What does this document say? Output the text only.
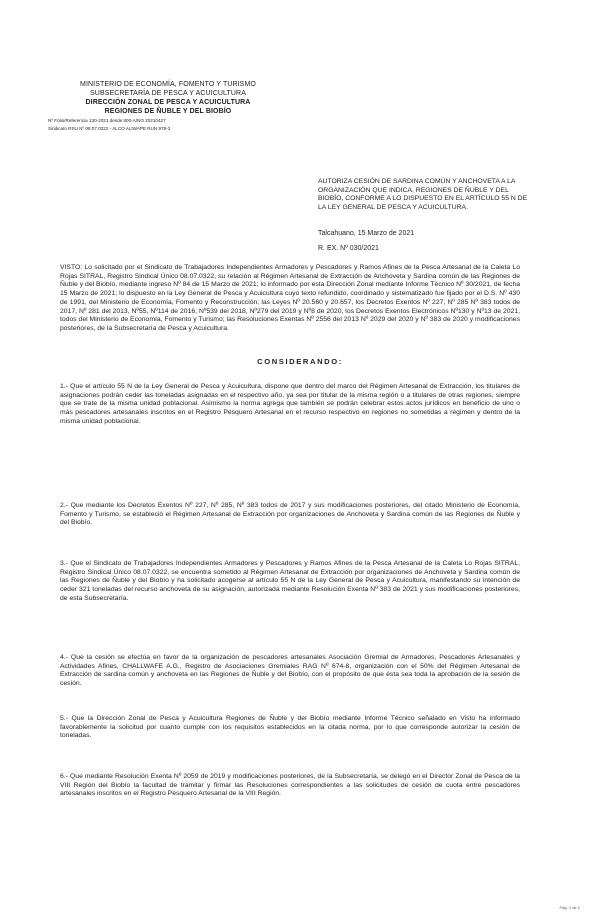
MINISTERIO DE ECONOMÍA, FOMENTO Y TURISMO
SUBSECRETARÍA DE PESCA Y ACUICULTURA
DIRECCIÓN ZONAL DE PESCA Y ACUICULTURA
REGIONES DE ÑUBLE Y DEL BIOBÍO
Nº Folio/Referencia 130-2021 desde 800-A/NO 20210427
Sindicato RSU Nº 08.07.0322 - ALCO ALIWAPE RUN 978-3
AUTORIZA CESIÓN DE SARDINA COMÚN Y ANCHOVETA A LA ORGANIZACIÓN QUE INDICA, REGIONES DE ÑUBLE Y DEL BIOBÍO, CONFORME A LO DISPUESTO EN EL ARTÍCULO 55 N DE LA LEY GENERAL DE PESCA Y ACUICULTURA.
Talcahuano, 15 Marzo de 2021
R. EX. Nº 030/2021
VISTO: Lo solicitado por el Sindicato de Trabajadores Independientes Armadores y Pescadores y Ramos Afines de la Pesca Artesanal de la Caleta Lo Rojas SITRAL, Registro Sindical Único 08.07.0322, su relación al Régimen Artesanal de Extracción de Anchoveta y Sardina común de las Regiones de Ñuble y del Biobío, mediante ingreso Nº 84 de 15 Marzo de 2021; lo informado por esta Dirección Zonal mediante Informe Técnico Nº 30/2021, de fecha 15 Marzo de 2021; lo dispuesto en la Ley General de Pesca y Acuicultura cuyo texto refundido, coordinado y sistematizado fue fijado por el D.S. Nº 430 de 1991, del Ministerio de Economía, Fomento y Reconstrucción; las Leyes Nº 20.560 y 20.657, los Decretos Exentos Nº 227, Nº 285 Nº 383 todos de 2017, Nº 281 del 2013, Nº55, Nº114 de 2016, Nº539 del 2018, Nº279 del 2019 y Nº8 de 2020, los Decretos Exentos Electrónicos Nº130 y Nº13 de 2021, todos del Ministerio de Economía, Fomento y Turismo; las Resoluciones Exentas Nº 2556 del 2013 Nº 2029 del 2020 y Nº 383 de 2020 y modificaciones posteriores, de la Subsecretaría de Pesca y Acuicultura.
CONSIDERANDO:
1.- Que el artículo 55 N de la Ley General de Pesca y Acuicultura, dispone que dentro del marco del Régimen Artesanal de Extracción, los titulares de asignaciones podrán ceder las toneladas asignadas en el respectivo año, ya sea por titular de la misma región o a titulares de otras regiones, siempre que se trate de la misma unidad poblacional. Asimismo la norma agrega que también se podrán celebrar estos actos jurídicos en beneficio de uno o más pescadores artesanales inscritos en el Registro Pesquero Artesanal en el recurso respectivo en regiones no sometidas a régimen y dentro de la misma unidad poblacional.
2.- Que mediante los Decretos Exentos Nº 227, Nº 285, Nº 383 todos de 2017 y sus modificaciones posteriores, del citado Ministerio de Economía, Fomento y Turismo, se estableció el Régimen Artesanal de Extracción por organizaciones de Anchoveta y Sardina común de las Regiones de Ñuble y del Biobío.
3.- Que el Sindicato de Trabajadores Independientes Armadores y Pescadores y Ramos Afines de la Pesca Artesanal de la Caleta Lo Rojas SITRAL, Registro Sindical Único 08.07.0322, se encuentra sometido al Régimen Artesanal de Extracción por organizaciones de Anchoveta y Sardina común de las Regiones de Ñuble y del Biobío y ha solicitado acogerse al artículo 55 N de la Ley General de Pesca y Acuicultura, manifestando su intención de ceder 321 toneladas del recurso anchoveta de su asignación, autorizada mediante Resolución Exenta Nº 383 de 2021 y sus modificaciones posteriores, de esta Subsecretaría.
4.- Que la cesión se efectúa en favor de la organización de pescadores artesanales Asociación Gremial de Armadores, Pescadores Artesanales y Actividades Afines, CHALLWAFE A.G., Registro de Asociaciones Gremiales RAG Nº 674-8, organización con el 50% del Régimen Artesanal de Extracción de sardina común y anchoveta en las Regiones de Ñuble y del Biobío, con el propósito de que ésta sea toda la aprobación de la sesión de cesión.
5.- Que la Dirección Zonal de Pesca y Acuicultura Regiones de Ñuble y del Biobío mediante Informe Técnico señalado en Visto ha informado favorablemente la solicitud por cuanto cumple con los requisitos establecidos en la citada norma, por lo que corresponde autorizar la cesión de toneladas.
6.- Que mediante Resolución Exenta Nº 2059 de 2019 y modificaciones posteriores, de la Subsecretaría, se delegó en el Director Zonal de Pesca de la VIII Región del Biobío la facultad de tramitar y firmar las Resoluciones correspondientes a las solicitudes de cesión de cuota entre pescadores artesanales inscritos en el Registro Pesquero Artesanal de la VIII Región.
Pág. 1 de 2
